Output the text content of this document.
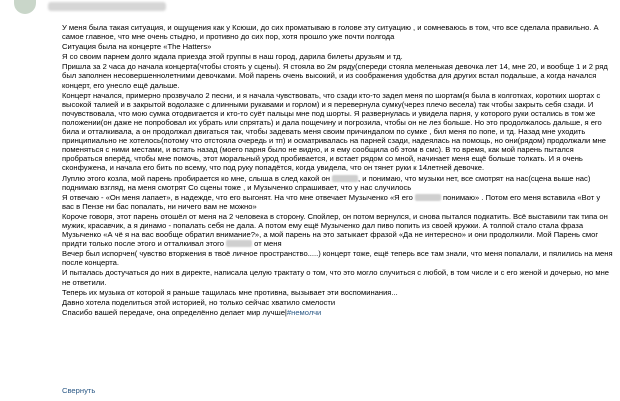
У меня была такая ситуация, и ощущения как у Ксюши, до сих проматываю в голове эту ситуацию , и сомневаюсь в том, что все сделала правильно. А самое главное, что мне очень стыдно, и противно до сих пор, хотя прошло уже почти полгода

Ситуация была на концерте «The Hatters»

Я со своим парнем долго ждала приезда этой группы в наш город, дарила билеты друзьям и тд.

Пришла за 2 часа до начала концерта(чтобы стоять у сцены). Я стояла во 2м ряду(спереди стояла меленькая девочка лет 14, мне 20, и вообще 1 и 2 ряд был заполнен несовершеннолетними девочками. Мой парень очень высокий, и из соображения удобства для других встал подальше, а когда начался концерт, его унесло ещё дальше.

Концерт начался, примерно прозвучало 2 песни, и я начала чувствовать, что сзади кто-то задел меня по шортам(я была в колготках, коротких шортах с высокой талией и в закрытой водолазке с длинными рукавами и горлом) и я перевернула сумку(через плечо весела) так чтобы закрыть себя сзади. И почувствовала, что мою сумка отодвигается и кто-то суёт пальцы мне под шорты. Я развернулась и увидела парня, у которого руки остались в том же положении(он даже не попробовал их убрать или спрятать) и дала пощечину и погрозила, чтобы он не лез больше. Но это продолжалось дальше, я его била и отталкивала, а он продолжал двигаться так, чтобы задевать меня своим причиндалом по сумке , бил меня по попе, и тд. Назад мне уходить принципиально не хотелось(потому что отстояла очередь и тп) и осматривалась на парней сзади, надеялась на помощь, но они(рядом) продолжали мне поменяться с ними местами, и встать назад (моего парня было не видно, и я ему сообщила об этом в смс). В то время, как мой парень пытался пробраться вперёд, чтобы мне помочь, этот моральный урод пробивается, и встает рядом со мной, начинает меня ещё больше толкать. И я очень сконфужена, и начала его бить по всему, что под руку попадётся, когда увидела, что он тянет руки к 14летней девочке.

Луплю этого козла, мой парень пробирается ко мне, слыша в след какой он	, и понимаю, что музыки нет, все смотрят на нас(сцена выше нас) поднимаю взгляд, на меня смотрят Со сцены тоже , и Музыченко спрашивает, что у нас случилось

Я отвечаю - «Он меня лапает», в надежде, что его выгонят. На что мне отвечает Музыченко «Я его	понимаю» . Потом его меня вставила «Вот у вас в Пензе ни бас попалать, ни ничего вам не можно»

Короче говоря, этот парень отошёл от меня на 2 человека в сторону. Спойлер, он потом вернулся, и снова пытался подкатить. Всё выставили так типа он мужик, красавчик, а я динамо - попалать себя не дала. А потом ему ещё Музыченко дал пиво попить из своей кружки. А толпой стало стала фраза Музыченко «А чё я на вас вообще обратил внимание?», а мой парень на это затыкает фразой «Да не интересно» и они продолжили. Мой Парень смог придти только после этого и отталкивал этого	от меня

Вечер был испорчен( чувство вторжения в твоё личное пространство.....) концерт тоже, ещё теперь все там знали, что меня попалали, и пялились на меня после концерта.

И пыталась достучаться до них в директе, написала целую трактату о том, что это могло случиться с любой, в том числе и с его женой и дочерью, но мне не ответили.

Теперь их музыка от которой я раньше тащилась мне противна, вызывает эти воспоминания...

Давно хотела поделиться этой историей, но только сейчас хватило смелости

Спасибо вашей передаче, она определённо делает мир лучше|#немолчи

Свернуть
